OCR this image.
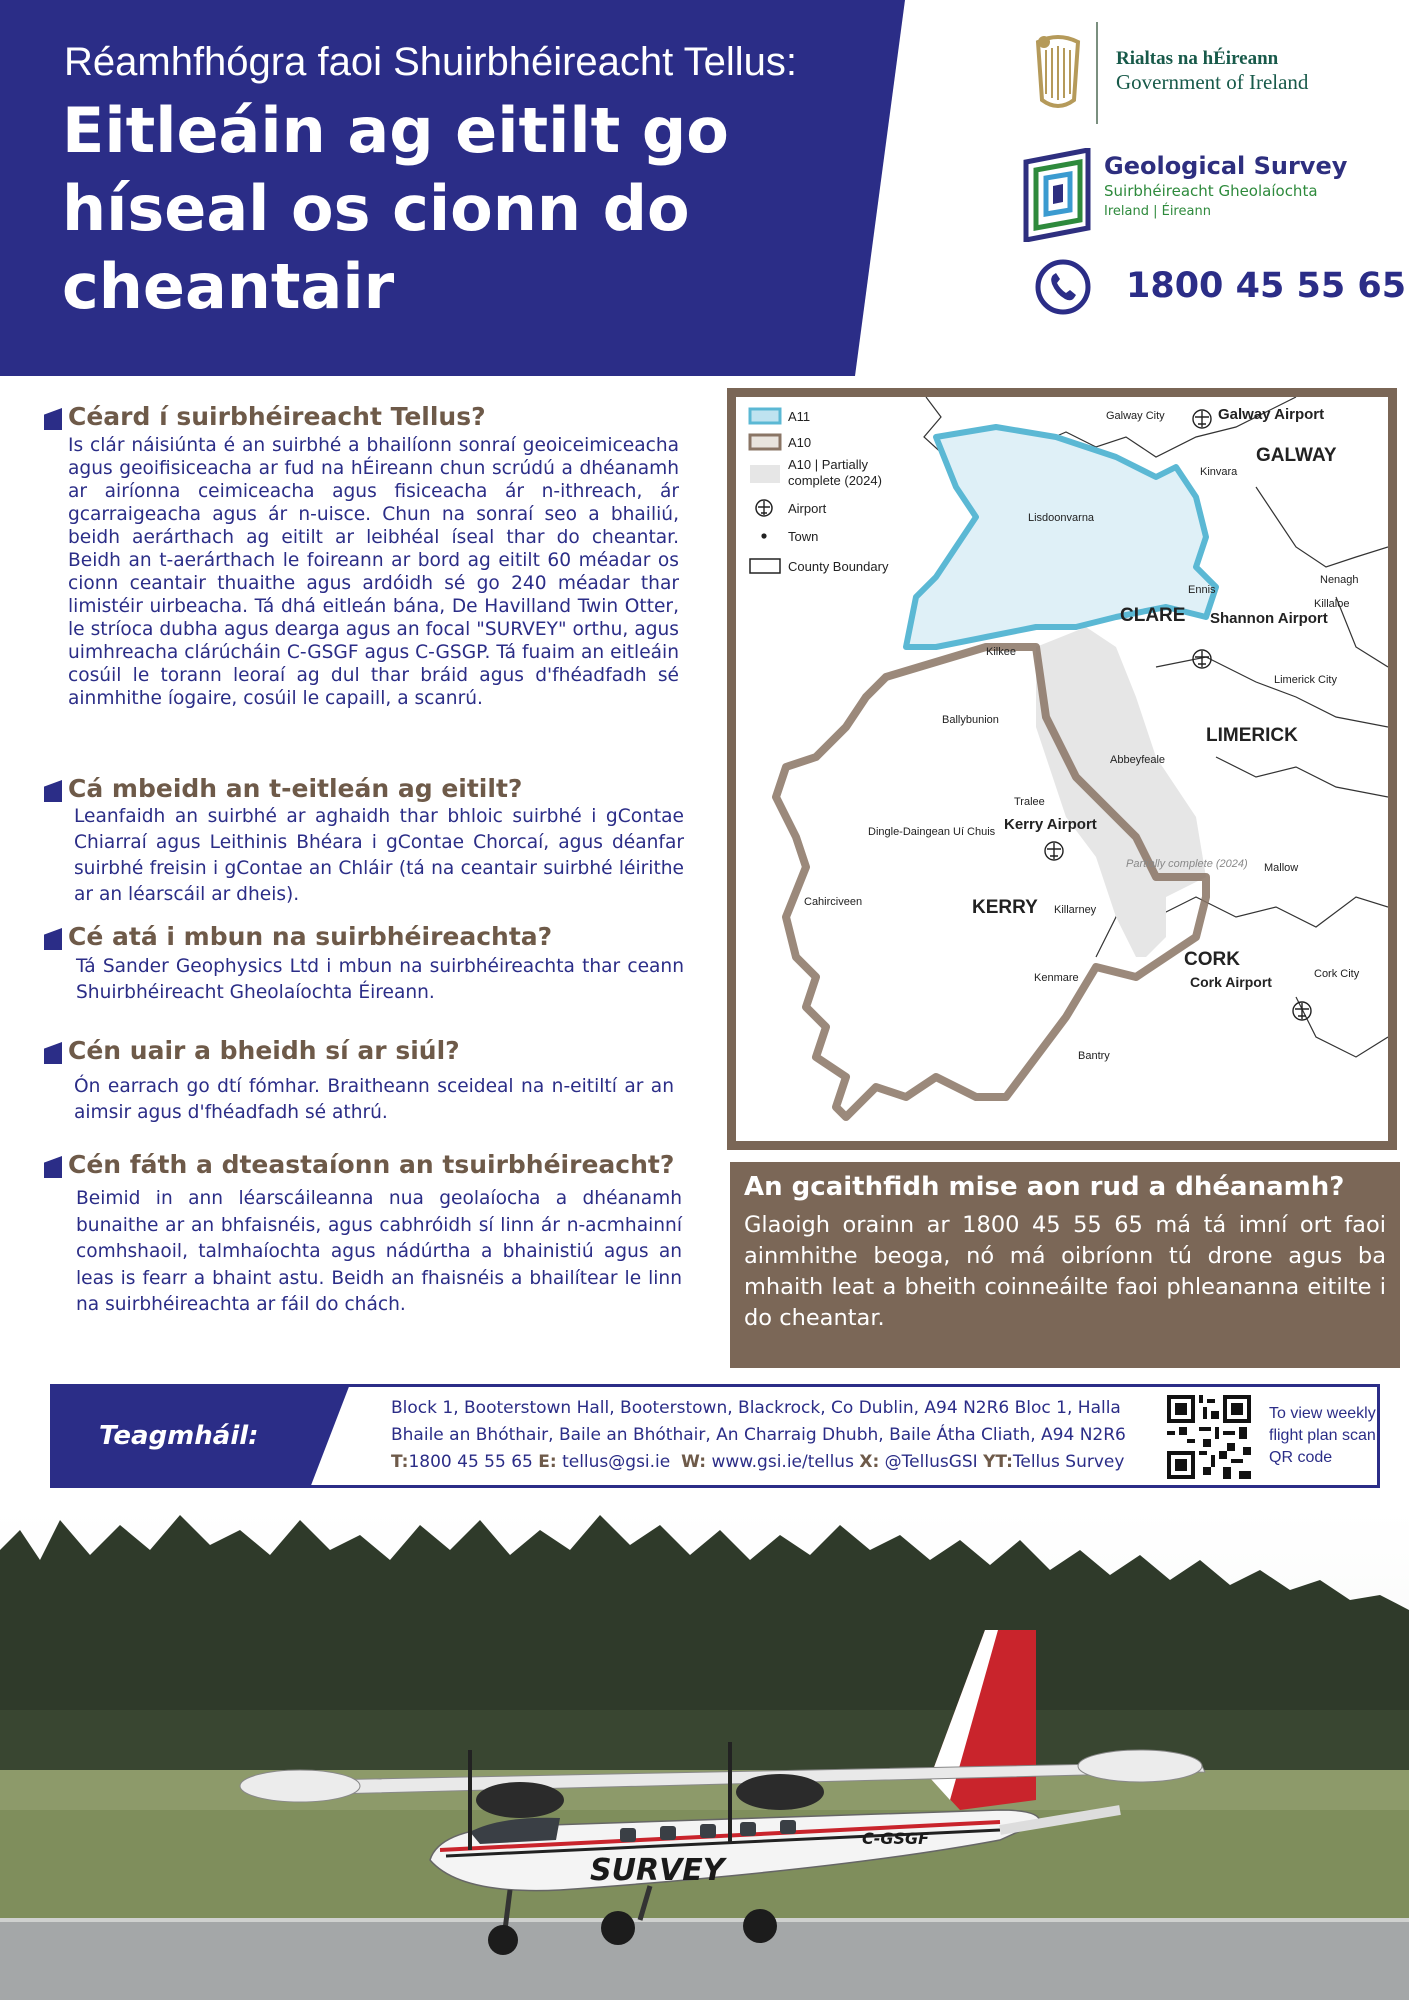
Réamhfhógra faoi Shuirbhéireacht Tellus:
Eitleáin ag eitilt go híseal os cionn do cheantair
Rialtas na hÉireann
Government of Ireland
Geological Survey
Suirbhéireacht Gheolaíochta
Ireland | Éireann
1800 45 55 65
Céard í suirbhéireacht Tellus?
Is clár náisiúnta é an suirbhé a bhailíonn sonraí geoiceimiceacha agus geoifisiceacha ar fud na hÉireann chun scrúdú a dhéanamh ar airíonna ceimiceacha agus fisiceacha ár n-ithreach, ár gcarraigeacha agus ár n-uisce. Chun na sonraí seo a bhailiú, beidh aerárthach ag eitilt ar leibhéal íseal thar do cheantar. Beidh an t-aerárthach le foireann ar bord ag eitilt 60 méadar os cionn ceantair thuaithe agus ardóidh sé go 240 méadar thar limistéir uirbeacha. Tá dhá eitleán bána, De Havilland Twin Otter, le stríoca dubha agus dearga agus an focal "SURVEY" orthu, agus uimhreacha clárúcháin C-GSGF agus C-GSGP. Tá fuaim an eitleáin cosúil le torann leoraí ag dul thar bráid agus d'fhéadfadh sé ainmhithe íogaire, cosúil le capaill, a scanrú.
Cá mbeidh an t-eitleán ag eitilt?
Leanfaidh an suirbhé ar aghaidh thar bhloic suirbhé i gContae Chiarraí agus Leithinis Bhéara i gContae Chorcaí, agus déanfar suirbhé freisin i gContae an Chláir (tá na ceantair suirbhé léirithe ar an léarscáil ar dheis).
Cé atá i mbun na suirbhéireachta?
Tá Sander Geophysics Ltd i mbun na suirbhéireachta thar ceann Shuirbhéireacht Gheolaíochta Éireann.
Cén uair a bheidh sí ar siúl?
Ón earrach go dtí fómhar. Braitheann sceideal na n-eitiltí ar an aimsir agus d'fhéadfadh sé athrú.
Cén fáth a dteastaíonn an tsuirbhéireacht?
Beimid in ann léarscáileanna nua geolaíocha a dhéanamh bunaithe ar an bhfaisnéis, agus cabhróidh sí linn ár n-acmhainní comhshaoil, talmhaíochta agus nádúrtha a bhainistiú agus an leas is fearr a bhaint astu. Beidh an fhaisnéis a bhailítear le linn na suirbhéireachta ar fáil do chách.
A11
A10
A10 | Partially complete (2024)
Airport
Town
County Boundary
GALWAY
CLARE
LIMERICK
KERRY
CORK
Galway City	Galway Airport
Kinvara
Lisdoonvarna
Ennis
Shannon Airport
Nenagh
Killaloe
Kilkee
Limerick City
Ballybunion
Abbeyfeale
Tralee
Kerry Airport
Dingle-Daingean Uí Chuis
Killarney
Mallow
Cahirciveen
Kenmare	Cork Airport	Cork City
Bantry
Partially complete (2024)
An gcaithfidh mise aon rud a dhéanamh?
Glaoigh orainn ar 1800 45 55 65 má tá imní ort faoi ainmhithe beoga, nó má oibríonn tú drone agus ba mhaith leat a bheith coinneáilte faoi phleananna eitilte i do cheantar.
Teagmháil:
Block 1, Booterstown Hall, Booterstown, Blackrock, Co Dublin, A94 N2R6 Bloc 1, Halla
Bhaile an Bhóthair, Baile an Bhóthair, An Charraig Dhubh, Baile Átha Cliath, A94 N2R6
T:1800 45 55 65 E: tellus@gsi.ie W: www.gsi.ie/tellus X: @TellusGSI YT:Tellus Survey
To view weekly flight plan scan QR code
SURVEY
C-GSGF
